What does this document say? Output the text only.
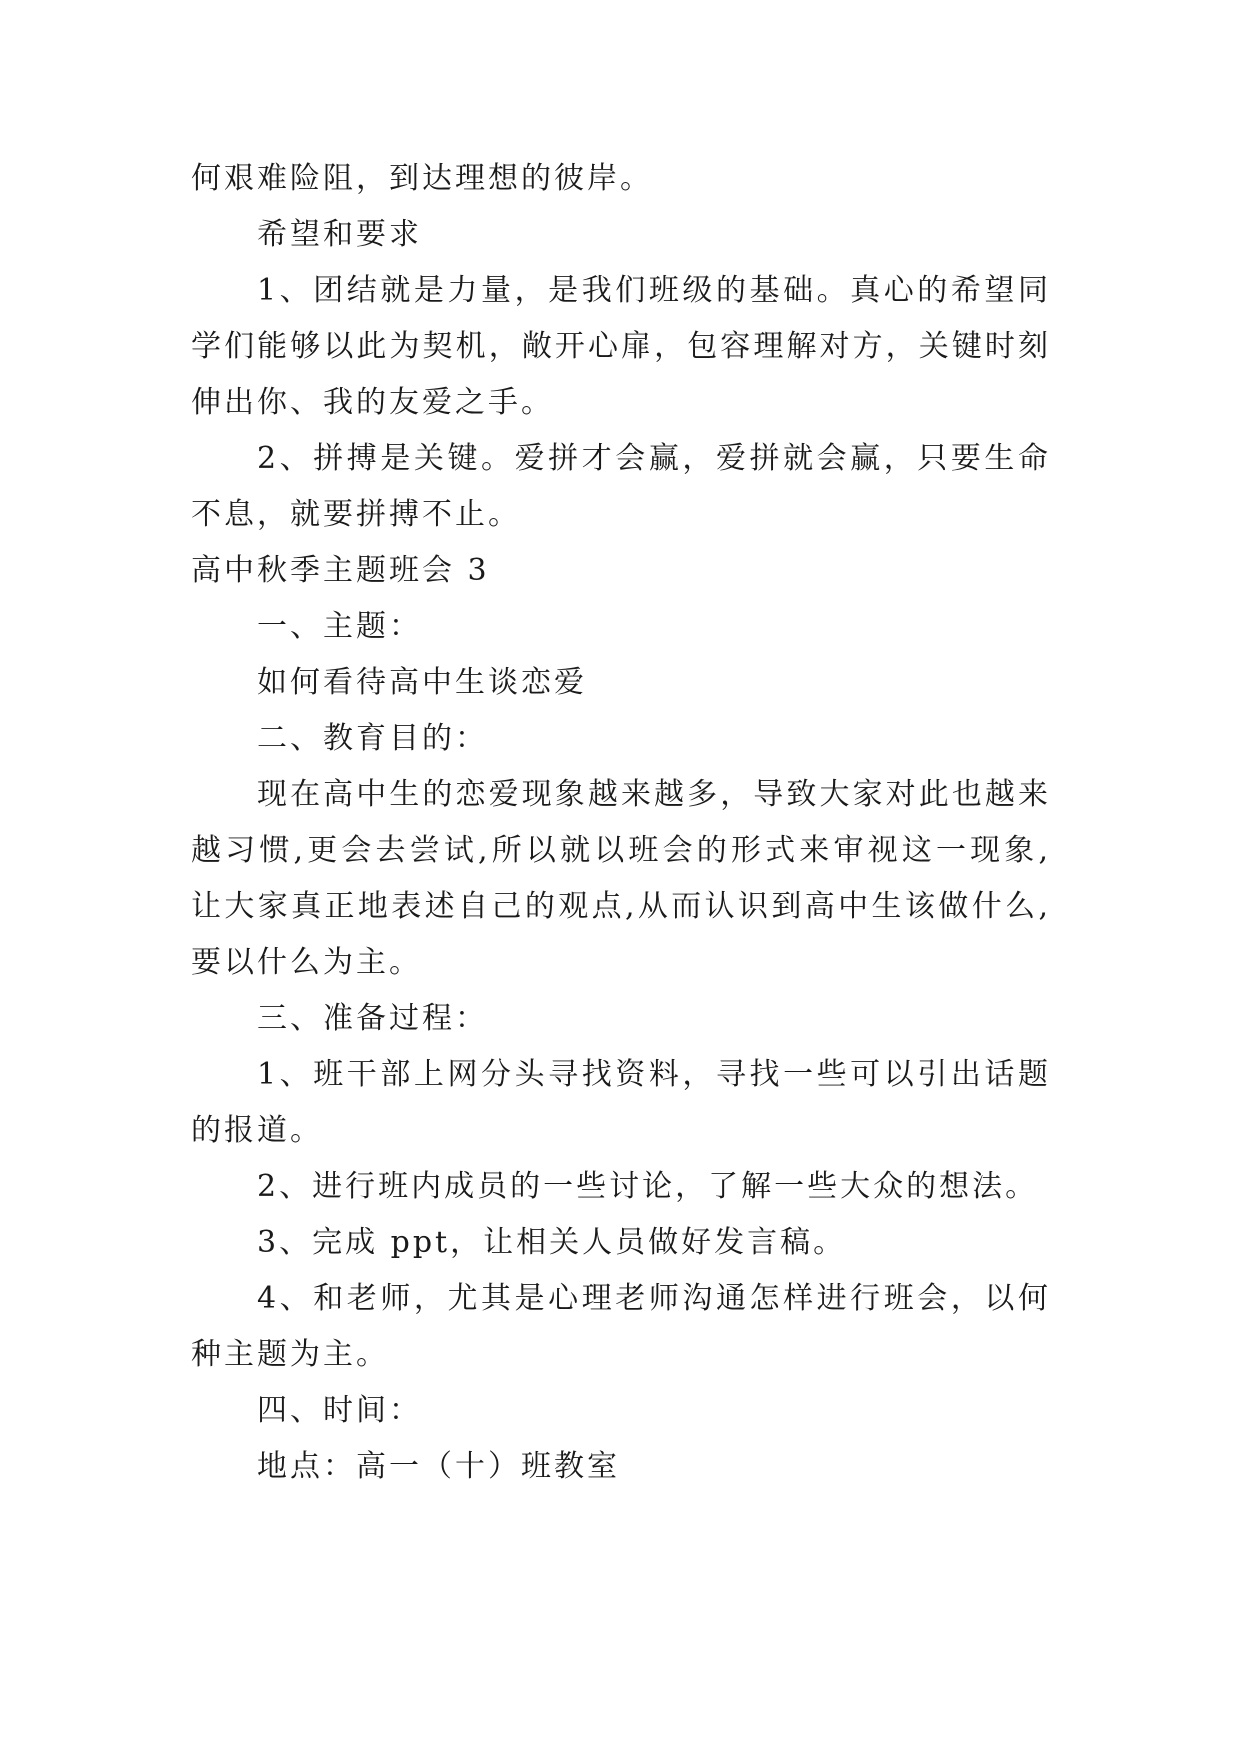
何艰难险阻，到达理想的彼岸。
希望和要求
1、团结就是力量，是我们班级的基础。真心的希望同
学们能够以此为契机，敞开心扉，包容理解对方，关键时刻
伸出你、我的友爱之手。
2、拼搏是关键。爱拼才会赢，爱拼就会赢，只要生命
不息，就要拼搏不止。
高中秋季主题班会 3
一、主题：
如何看待高中生谈恋爱
二、教育目的：
现在高中生的恋爱现象越来越多，导致大家对此也越来
越习惯,更会去尝试,所以就以班会的形式来审视这一现象,
让大家真正地表述自己的观点,从而认识到高中生该做什么,
要以什么为主。
三、准备过程：
1、班干部上网分头寻找资料，寻找一些可以引出话题
的报道。
2、进行班内成员的一些讨论，了解一些大众的想法。
3、完成 ppt，让相关人员做好发言稿。
4、和老师，尤其是心理老师沟通怎样进行班会，以何
种主题为主。
四、时间：
地点：高一（十）班教室
